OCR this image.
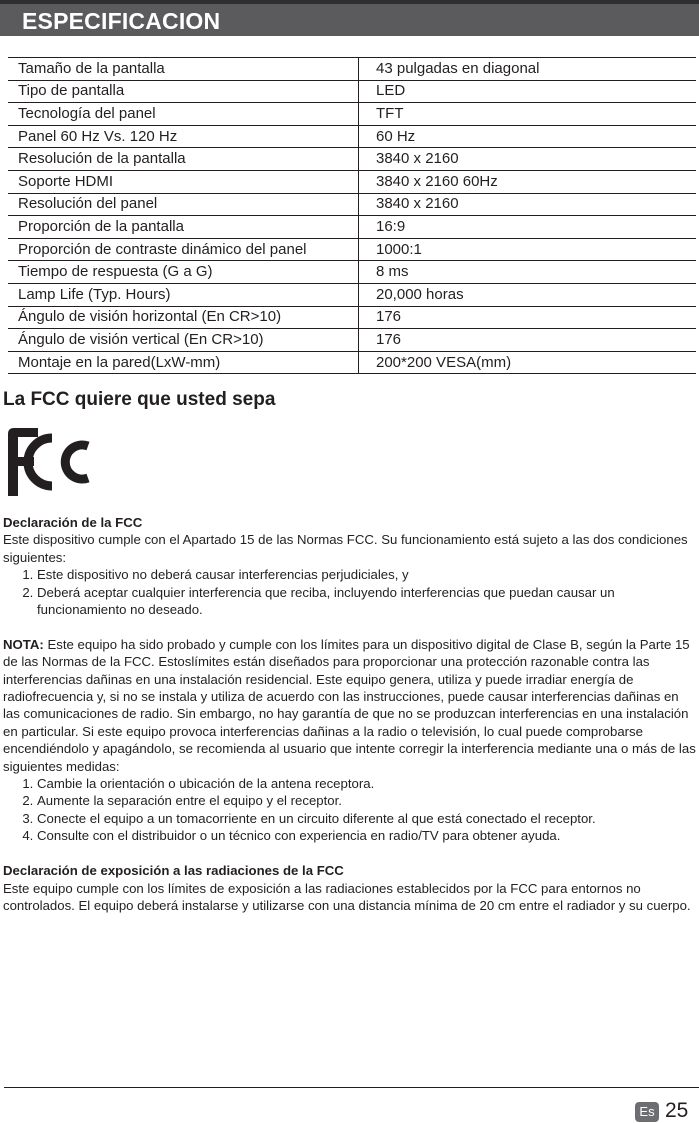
ESPECIFICACION
Tamaño de la pantalla	43 pulgadas en diagonal
Tipo de pantalla	LED
Tecnología del panel	TFT
Panel 60 Hz Vs. 120 Hz	60 Hz
Resolución de la pantalla	3840 x 2160
Soporte HDMI	3840 x 2160 60Hz
Resolución del panel	3840 x 2160
Proporción de la pantalla	16:9
Proporción de contraste dinámico del panel	1000:1
Tiempo de respuesta (G a G)	8 ms
Lamp Life (Typ. Hours)	20,000 horas
Ángulo de visión horizontal (En CR>10)	176
Ángulo de visión vertical (En CR>10)	176
Montaje en la pared(LxW-mm)	200*200 VESA(mm)
La FCC quiere que usted sepa

Declaración de la FCC

Este dispositivo cumple con el Apartado 15 de las Normas FCC. Su funcionamiento está sujeto a las dos condiciones siguientes:

1. Este dispositivo no deberá causar interferencias perjudiciales, y
2. Deberá aceptar cualquier interferencia que reciba, incluyendo interferencias que puedan causar un funcionamiento no deseado.

NOTA: Este equipo ha sido probado y cumple con los límites para un dispositivo digital de Clase B, según la Parte 15 de las Normas de la FCC. Estoslímites están diseñados para proporcionar una protección razonable contra las interferencias dañinas en una instalación residencial. Este equipo genera, utiliza y puede irradiar energía de radiofrecuencia y, si no se instala y utiliza de acuerdo con las instrucciones, puede causar interferencias dañinas en las comunicaciones de radio. Sin embargo, no hay garantía de que no se produzcan interferencias en una instalación en particular. Si este equipo provoca interferencias dañinas a la radio o televisión, lo cual puede comprobarse encendiéndolo y apagándolo, se recomienda al usuario que intente corregir la interferencia mediante una o más de las siguientes medidas:

1. Cambie la orientación o ubicación de la antena receptora.
2. Aumente la separación entre el equipo y el receptor.
3. Conecte el equipo a un tomacorriente en un circuito diferente al que está conectado el receptor.
4. Consulte con el distribuidor o un técnico con experiencia en radio/TV para obtener ayuda.

Declaración de exposición a las radiaciones de la FCC

Este equipo cumple con los límites de exposición a las radiaciones establecidos por la FCC para entornos no controlados. El equipo deberá instalarse y utilizarse con una distancia mínima de 20 cm entre el radiador y su cuerpo.

Es 25
